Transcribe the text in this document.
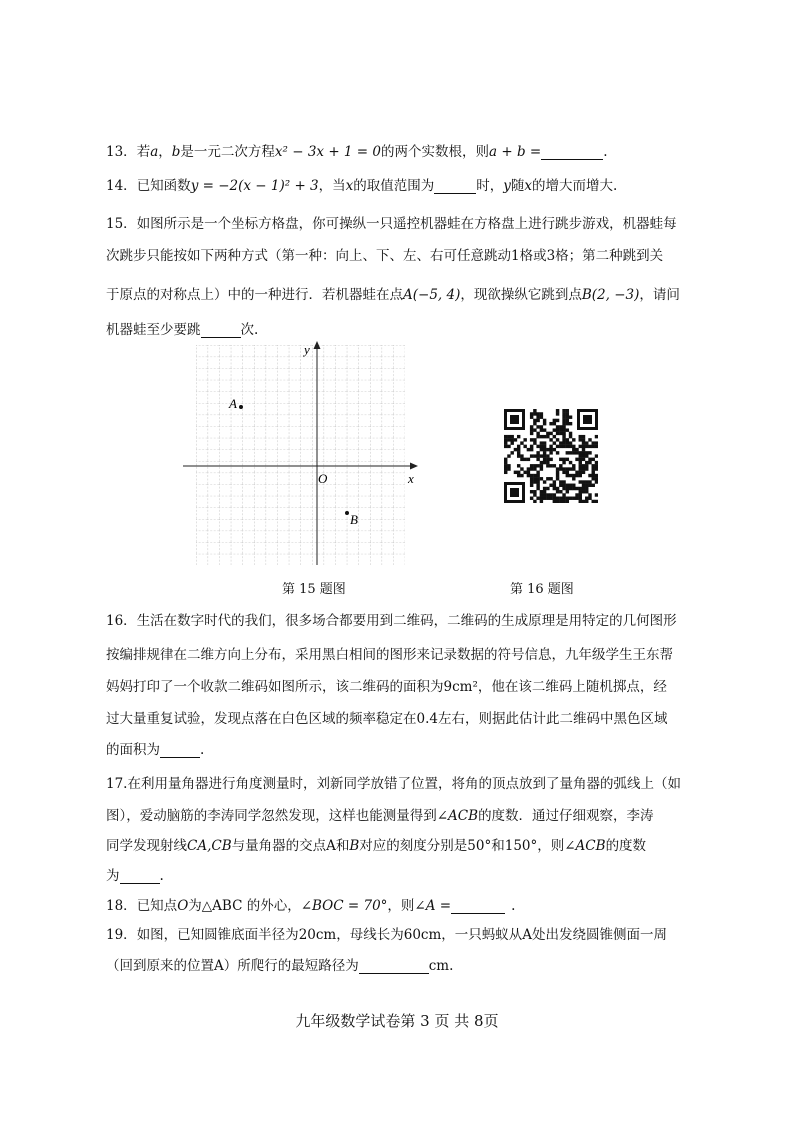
13．若a，b是一元二次方程x² − 3x + 1 = 0的两个实数根，则a + b =	.
14．已知函数y = −2(x − 1)² + 3，当x的取值范围为	时，y随x的增大而增大.
15．如图所示是一个坐标方格盘，你可操纵一只遥控机器蛙在方格盘上进行跳步游戏，机器蛙每
次跳步只能按如下两种方式（第一种：向上、下、左、右可任意跳动1格或3格；第二种跳到关
于原点的对称点上）中的一种进行．若机器蛙在点A(−5, 4)，现欲操纵它跳到点B(2, −3)，请问
机器蛙至少要跳	次.
y
x
O
A
B
第 15 题图	第 16 题图
16．生活在数字时代的我们，很多场合都要用到二维码，二维码的生成原理是用特定的几何图形
按编排规律在二维方向上分布，采用黑白相间的图形来记录数据的符号信息，九年级学生王东帮
妈妈打印了一个收款二维码如图所示，该二维码的面积为9cm²，他在该二维码上随机掷点，经
过大量重复试验，发现点落在白色区域的频率稳定在0.4左右，则据此估计此二维码中黑色区域
的面积为	.
17.在利用量角器进行角度测量时，刘新同学放错了位置，将角的顶点放到了量角器的弧线上（如
图），爱动脑筋的李涛同学忽然发现，这样也能测量得到∠ACB的度数．通过仔细观察，李涛
同学发现射线CA,CB与量角器的交点A和B对应的刻度分别是50°和150°，则∠ACB的度数
为	.
18．已知点O为△ABC 的外心，∠BOC = 70°，则∠A =	.
19．如图，已知圆锥底面半径为20cm，母线长为60cm，一只蚂蚁从A处出发绕圆锥侧面一周
（回到原来的位置A）所爬行的最短路径为	cm.
九年级数学试卷第 3 页 共 8页
